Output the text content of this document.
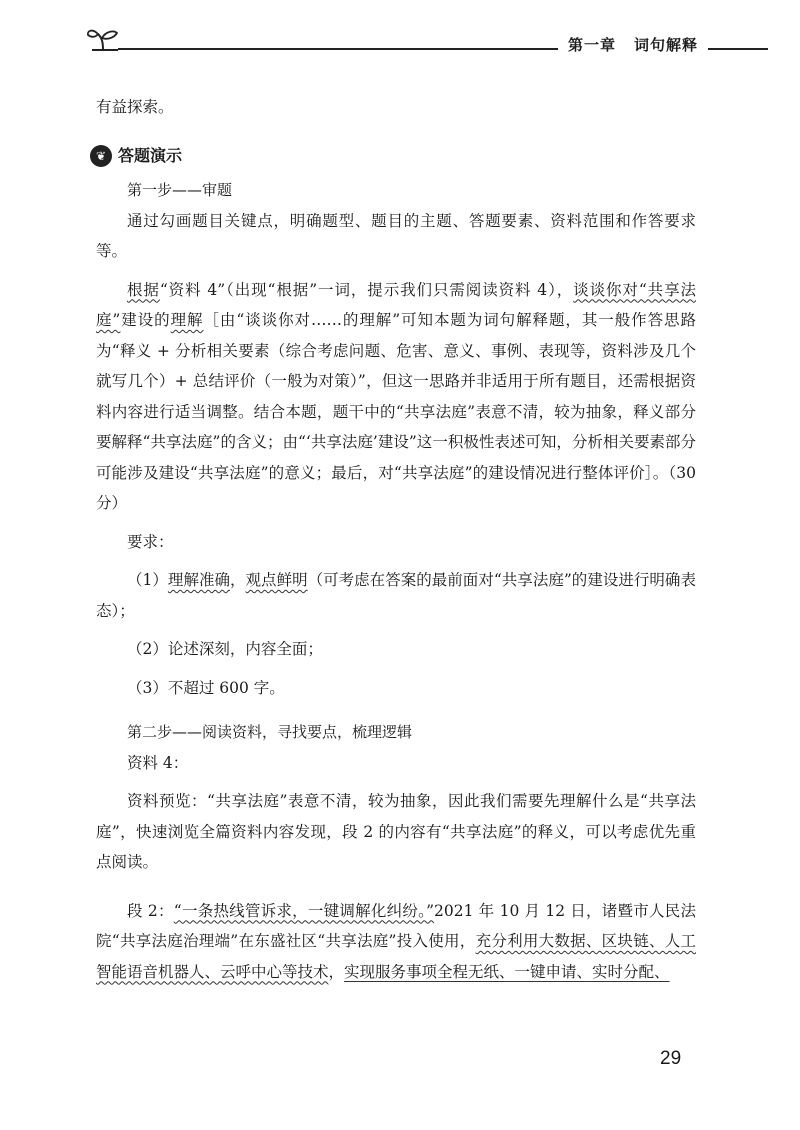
第一章 词句解释

有益探索。

❦ 答题演示

第一步——审题

通过勾画题目关键点，明确题型、题目的主题、答题要素、资料范围和作答要求等。

根据“资料 4”（出现“根据”一词，提示我们只需阅读资料 4），谈谈你对“共享法庭”建设的理解［由“谈谈你对……的理解”可知本题为词句解释题，其一般作答思路为“释义 + 分析相关要素（综合考虑问题、危害、意义、事例、表现等，资料涉及几个就写几个）+ 总结评价（一般为对策）”，但这一思路并非适用于所有题目，还需根据资料内容进行适当调整。结合本题，题干中的“共享法庭”表意不清，较为抽象，释义部分要解释“共享法庭”的含义；由“‘共享法庭’建设”这一积极性表述可知，分析相关要素部分可能涉及建设“共享法庭”的意义；最后，对“共享法庭”的建设情况进行整体评价］。（30 分）

要求：

（1）理解准确，观点鲜明（可考虑在答案的最前面对“共享法庭”的建设进行明确表态）；

（2）论述深刻，内容全面；

（3）不超过 600 字。

第二步——阅读资料，寻找要点，梳理逻辑

资料 4：

资料预览：“共享法庭”表意不清，较为抽象，因此我们需要先理解什么是“共享法庭”，快速浏览全篇资料内容发现，段 2 的内容有“共享法庭”的释义，可以考虑优先重点阅读。

段 2：“一条热线管诉求，一键调解化纠纷。”2021 年 10 月 12 日，诸暨市人民法院“共享法庭治理端”在东盛社区“共享法庭”投入使用，充分利用大数据、区块链、人工智能语音机器人、云呼中心等技术，实现服务事项全程无纸、一键申请、实时分配、

29
